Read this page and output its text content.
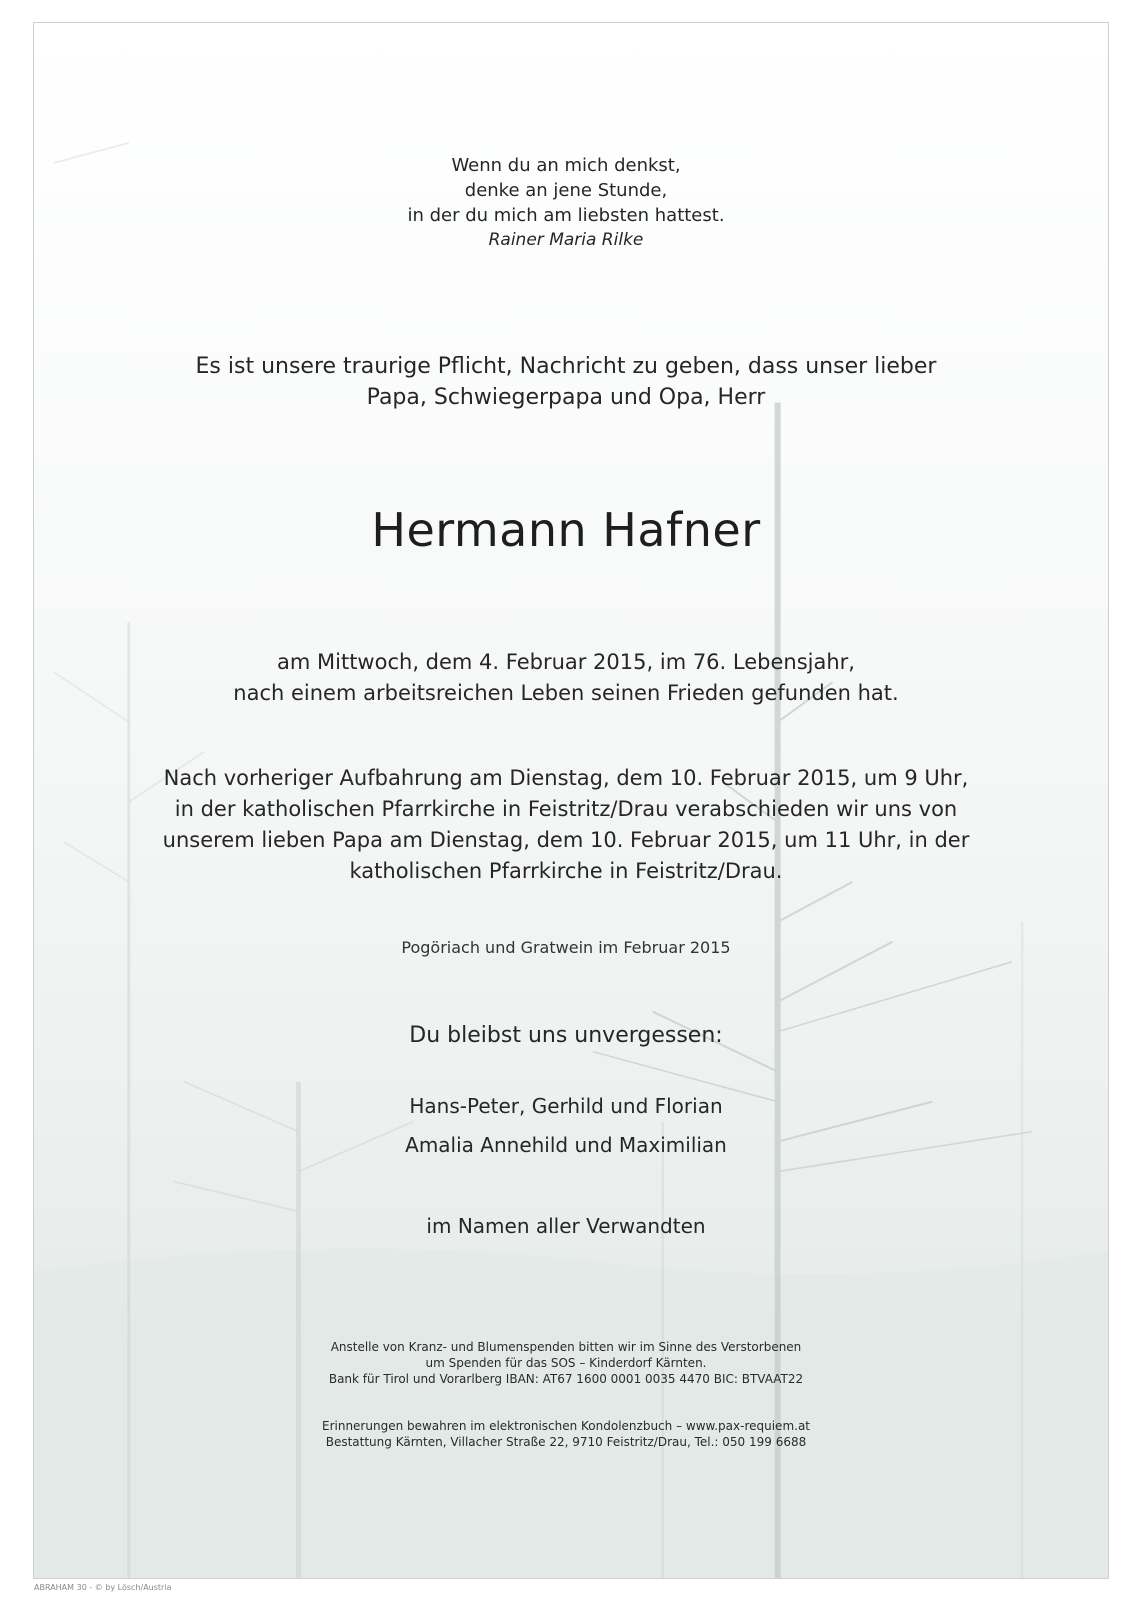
Wenn du an mich denkst,
denke an jene Stunde,
in der du mich am liebsten hattest.
Rainer Maria Rilke
Es ist unsere traurige Pflicht, Nachricht zu geben, dass unser lieber
Papa, Schwiegerpapa und Opa, Herr
Hermann Hafner
am Mittwoch, dem 4. Februar 2015, im 76. Lebensjahr,
nach einem arbeitsreichen Leben seinen Frieden gefunden hat.
Nach vorheriger Aufbahrung am Dienstag, dem 10. Februar 2015, um 9 Uhr,
in der katholischen Pfarrkirche in Feistritz/Drau verabschieden wir uns von
unserem lieben Papa am Dienstag, dem 10. Februar 2015, um 11 Uhr, in der
katholischen Pfarrkirche in Feistritz/Drau.
Pogöriach und Gratwein im Februar 2015
Du bleibst uns unvergessen:
Hans-Peter, Gerhild und Florian
Amalia Annehild und Maximilian
im Namen aller Verwandten
Anstelle von Kranz- und Blumenspenden bitten wir im Sinne des Verstorbenen
um Spenden für das SOS – Kinderdorf Kärnten.
Bank für Tirol und Vorarlberg IBAN: AT67 1600 0001 0035 4470 BIC: BTVAAT22
Erinnerungen bewahren im elektronischen Kondolenzbuch – www.pax-requiem.at
Bestattung Kärnten, Villacher Straße 22, 9710 Feistritz/Drau, Tel.: 050 199 6688
ABRAHAM 30 - © by Lösch/Austria
